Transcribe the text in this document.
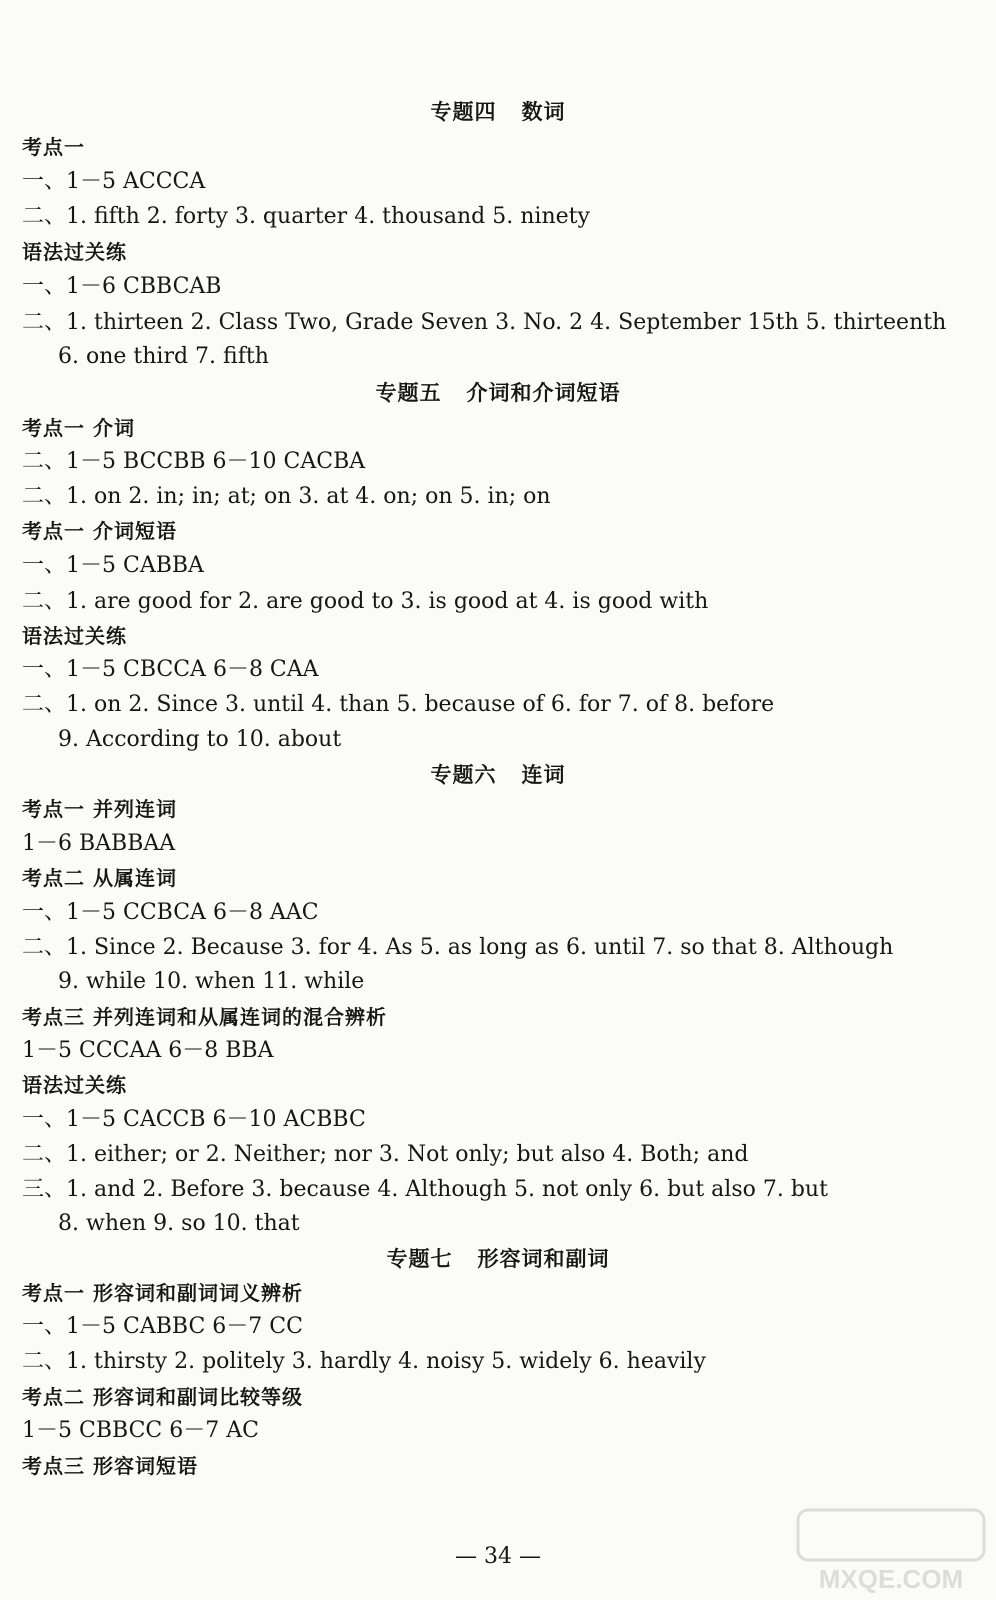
专题四   数词
考点一
一、1－5 ACCCA
二、1. fifth 2. forty 3. quarter 4. thousand 5. ninety
语法过关练
一、1－6 CBBCAB
二、1. thirteen 2. Class Two, Grade Seven 3. No. 2 4. September 15th 5. thirteenth
6. one third 7. fifth
专题五   介词和介词短语
考点一 介词
二、1－5 BCCBB 6－10 CACBA
二、1. on 2. in; in; at; on 3. at 4. on; on 5. in; on
考点一 介词短语
一、1－5 CABBA
二、1. are good for 2. are good to 3. is good at 4. is good with
语法过关练
一、1－5 CBCCA 6－8 CAA
二、1. on 2. Since 3. until 4. than 5. because of 6. for 7. of 8. before
9. According to 10. about
专题六   连词
考点一 并列连词
1－6 BABBAA
考点二 从属连词
一、1－5 CCBCA 6－8 AAC
二、1. Since 2. Because 3. for 4. As 5. as long as 6. until 7. so that 8. Although
9. while 10. when 11. while
考点三 并列连词和从属连词的混合辨析
1－5 CCCAA 6－8 BBA
语法过关练
一、1－5 CACCB 6－10 ACBBC
二、1. either; or 2. Neither; nor 3. Not only; but also 4. Both; and
三、1. and 2. Before 3. because 4. Although 5. not only 6. but also 7. but
8. when 9. so 10. that
专题七   形容词和副词
考点一 形容词和副词词义辨析
一、1－5 CABBC 6－7 CC
二、1. thirsty 2. politely 3. hardly 4. noisy 5. widely 6. heavily
考点二 形容词和副词比较等级
1－5 CBBCC 6－7 AC
考点三 形容词短语
— 34 —
MXQE.COM
